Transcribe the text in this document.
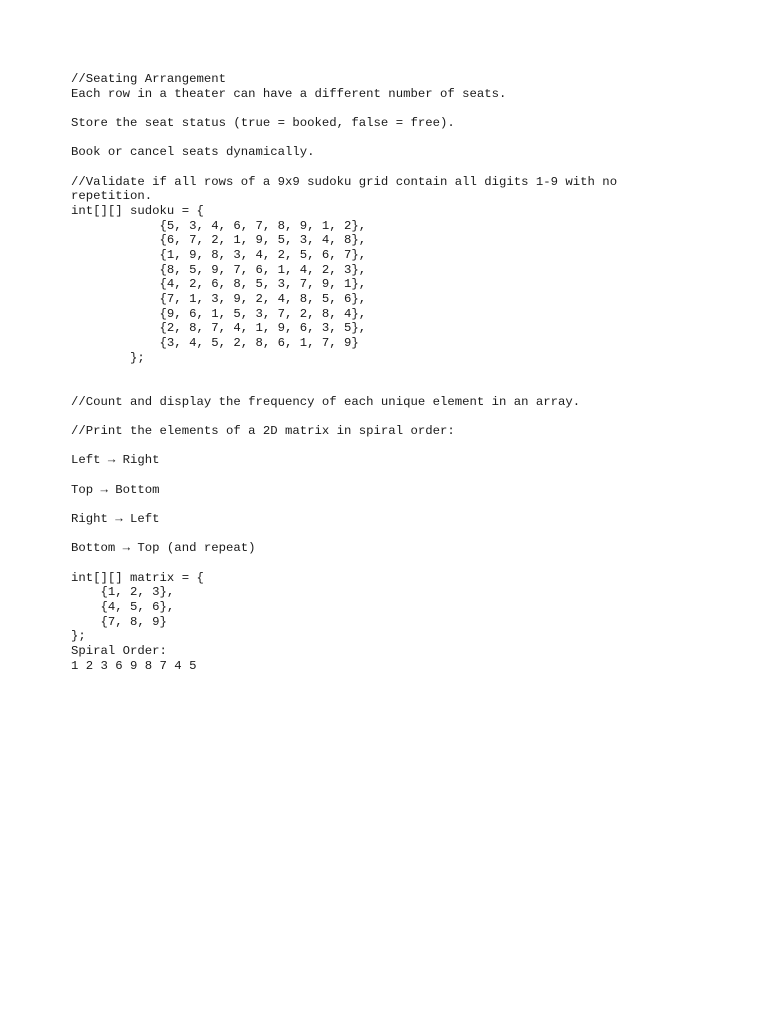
//Seating Arrangement
Each row in a theater can have a different number of seats.
Store the seat status (true = booked, false = free).
Book or cancel seats dynamically.
//Validate if all rows of a 9x9 sudoku grid contain all digits 1-9 with no
repetition.
int[][] sudoku = {
{5, 3, 4, 6, 7, 8, 9, 1, 2},
{6, 7, 2, 1, 9, 5, 3, 4, 8},
{1, 9, 8, 3, 4, 2, 5, 6, 7},
{8, 5, 9, 7, 6, 1, 4, 2, 3},
{4, 2, 6, 8, 5, 3, 7, 9, 1},
{7, 1, 3, 9, 2, 4, 8, 5, 6},
{9, 6, 1, 5, 3, 7, 2, 8, 4},
{2, 8, 7, 4, 1, 9, 6, 3, 5},
{3, 4, 5, 2, 8, 6, 1, 7, 9}
};
//Count and display the frequency of each unique element in an array.
//Print the elements of a 2D matrix in spiral order:
Left → Right
Top → Bottom
Right → Left
Bottom → Top (and repeat)
int[][] matrix = {
{1, 2, 3},
{4, 5, 6},
{7, 8, 9}
};
Spiral Order:
1 2 3 6 9 8 7 4 5
